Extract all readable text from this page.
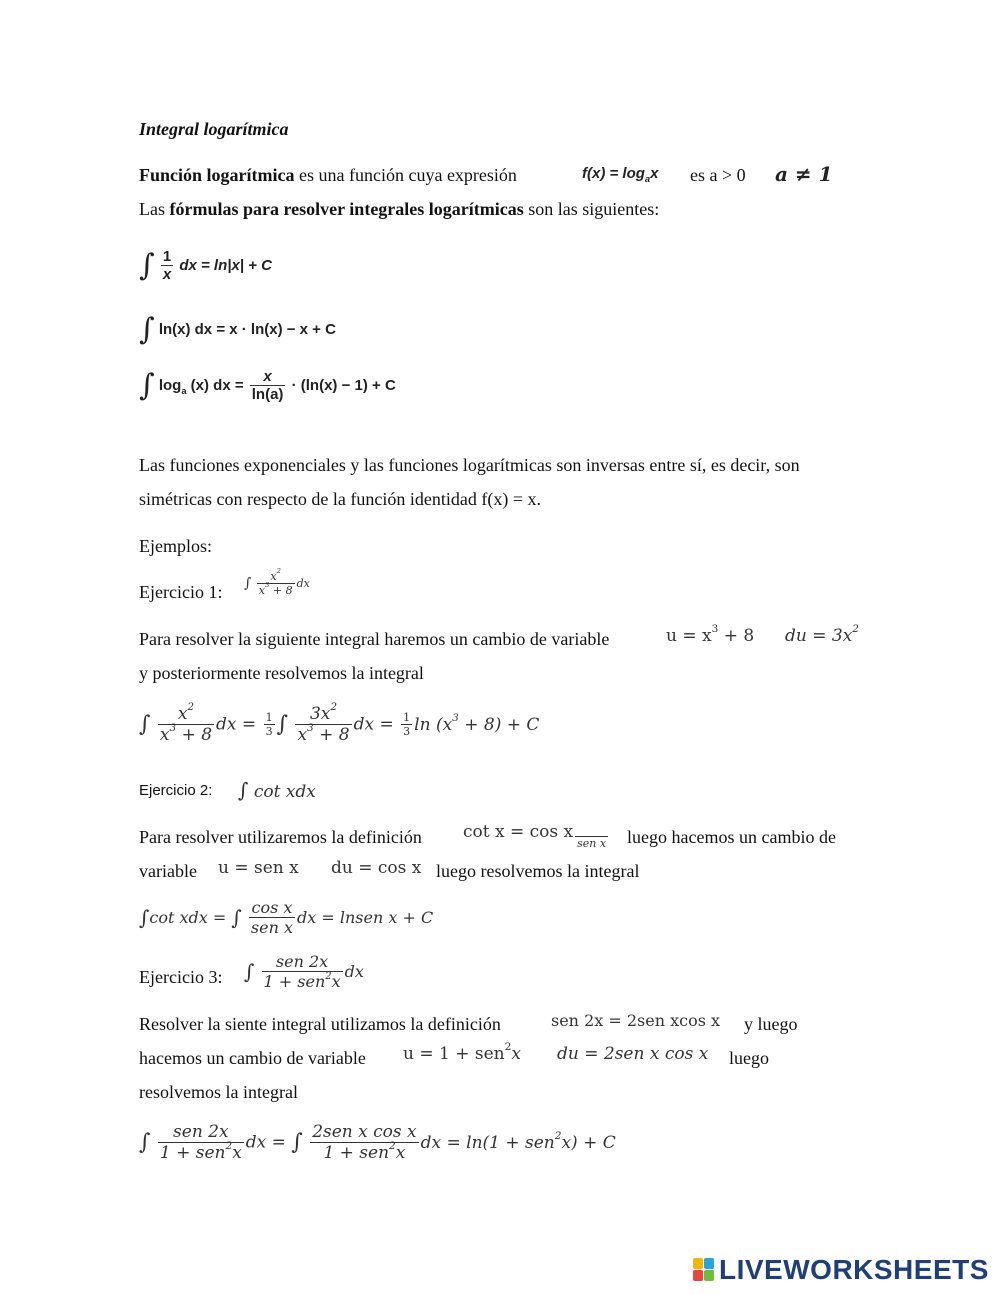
Integral logarítmica
Función logarítmica es una función cuya expresión	$f(x) = \log_ax$ es a > 0 a ≠ 1
Las fórmulas para resolver integrales logarítmicas son las siguientes:
∫ $\frac{1}{x}$ dx = ln|x| + C
∫ ln(x) dx = x · ln(x) − x + C
∫ $\log_a (x)$ dx = $\frac{x}{\ln(a)} \cdot (\ln(x) - 1) + C$
Las funciones exponenciales y las funciones logarítmicas son inversas entre sí, es decir, son
simétricas con respecto de la función identidad f(x) = x.
Ejemplos:
Ejercicio 1: ∫ $\frac{x^2}{x^3 + 8}$ dx
Para resolver la siguiente integral haremos un cambio de variable	$u = x^3 + 8$ du = $3x^2$
y posteriormente resolvemos la integral
∫ $\frac{x^2}{x^3 + 8}$ dx = $\frac{1}{3}$ ∫ $\frac{3x^2}{x^3 + 8}$ dx = $\frac{1}{3}$ $\ln (x^3 + 8) + C$
Ejercicio 2: ∫ cot xdx
Para resolver utilizaremos la definición cot x = cos x

sen x luego hacemos un cambio de
variable u = sen x du = cos x luego resolvemos la integral
∫cot xdx = ∫ $\frac{\text{cos x}}{\text{sen x}}$ dx = lnsen x + C
Ejercicio 3: ∫ $\frac{\text{sen 2x}}{1 + sen^2x}$ dx
Resolver la siente integral utilizamos la definición	sen 2x = 2sen xcos x y luego
hacemos un cambio de variable u = 1 + sen$^2$x du = 2sen x cos x luego
resolvemos la integral
∫ $\frac{\text{sen 2x}}{1 + sen^2x}$ dx = ∫ $\frac{\text{2sen x cos x}}{1 + sen^2x}$ dx = ln(1 + sen$^2$x) + C
LIVEWORKSHEETS
